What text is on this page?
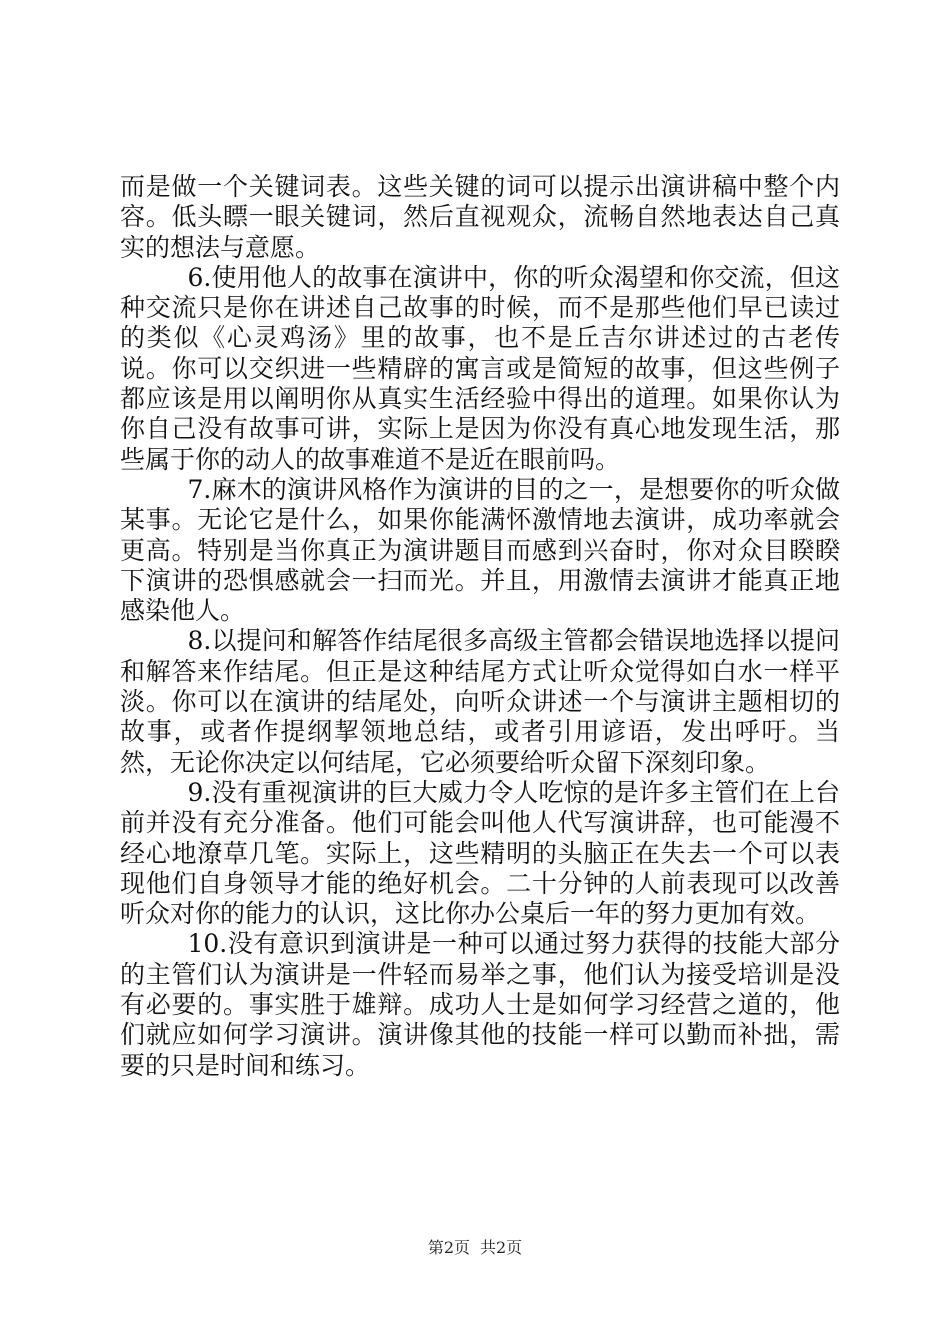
而是做一个关键词表。这些关键的词可以提示出演讲稿中整个内容。低头瞟一眼关键词，然后直视观众，流畅自然地表达自己真实的想法与意愿。

6.使用他人的故事在演讲中，你的听众渴望和你交流，但这种交流只是你在讲述自己故事的时候，而不是那些他们早已读过的类似《心灵鸡汤》里的故事，也不是丘吉尔讲述过的古老传说。你可以交织进一些精辟的寓言或是简短的故事，但这些例子都应该是用以阐明你从真实生活经验中得出的道理。如果你认为你自己没有故事可讲，实际上是因为你没有真心地发现生活，那些属于你的动人的故事难道不是近在眼前吗。

7.麻木的演讲风格作为演讲的目的之一，是想要你的听众做某事。无论它是什么，如果你能满怀激情地去演讲，成功率就会更高。特别是当你真正为演讲题目而感到兴奋时，你对众目睽睽下演讲的恐惧感就会一扫而光。并且，用激情去演讲才能真正地感染他人。

8.以提问和解答作结尾很多高级主管都会错误地选择以提问和解答来作结尾。但正是这种结尾方式让听众觉得如白水一样平淡。你可以在演讲的结尾处，向听众讲述一个与演讲主题相切的故事，或者作提纲挈领地总结，或者引用谚语，发出呼吁。当然，无论你决定以何结尾，它必须要给听众留下深刻印象。

9.没有重视演讲的巨大威力令人吃惊的是许多主管们在上台前并没有充分准备。他们可能会叫他人代写演讲辞，也可能漫不经心地潦草几笔。实际上，这些精明的头脑正在失去一个可以表现他们自身领导才能的绝好机会。二十分钟的人前表现可以改善听众对你的能力的认识，这比你办公桌后一年的努力更加有效。

10.没有意识到演讲是一种可以通过努力获得的技能大部分的主管们认为演讲是一件轻而易举之事，他们认为接受培训是没有必要的。事实胜于雄辩。成功人士是如何学习经营之道的，他们就应如何学习演讲。演讲像其他的技能一样可以勤而补拙，需要的只是时间和练习。

第2页 共2页
